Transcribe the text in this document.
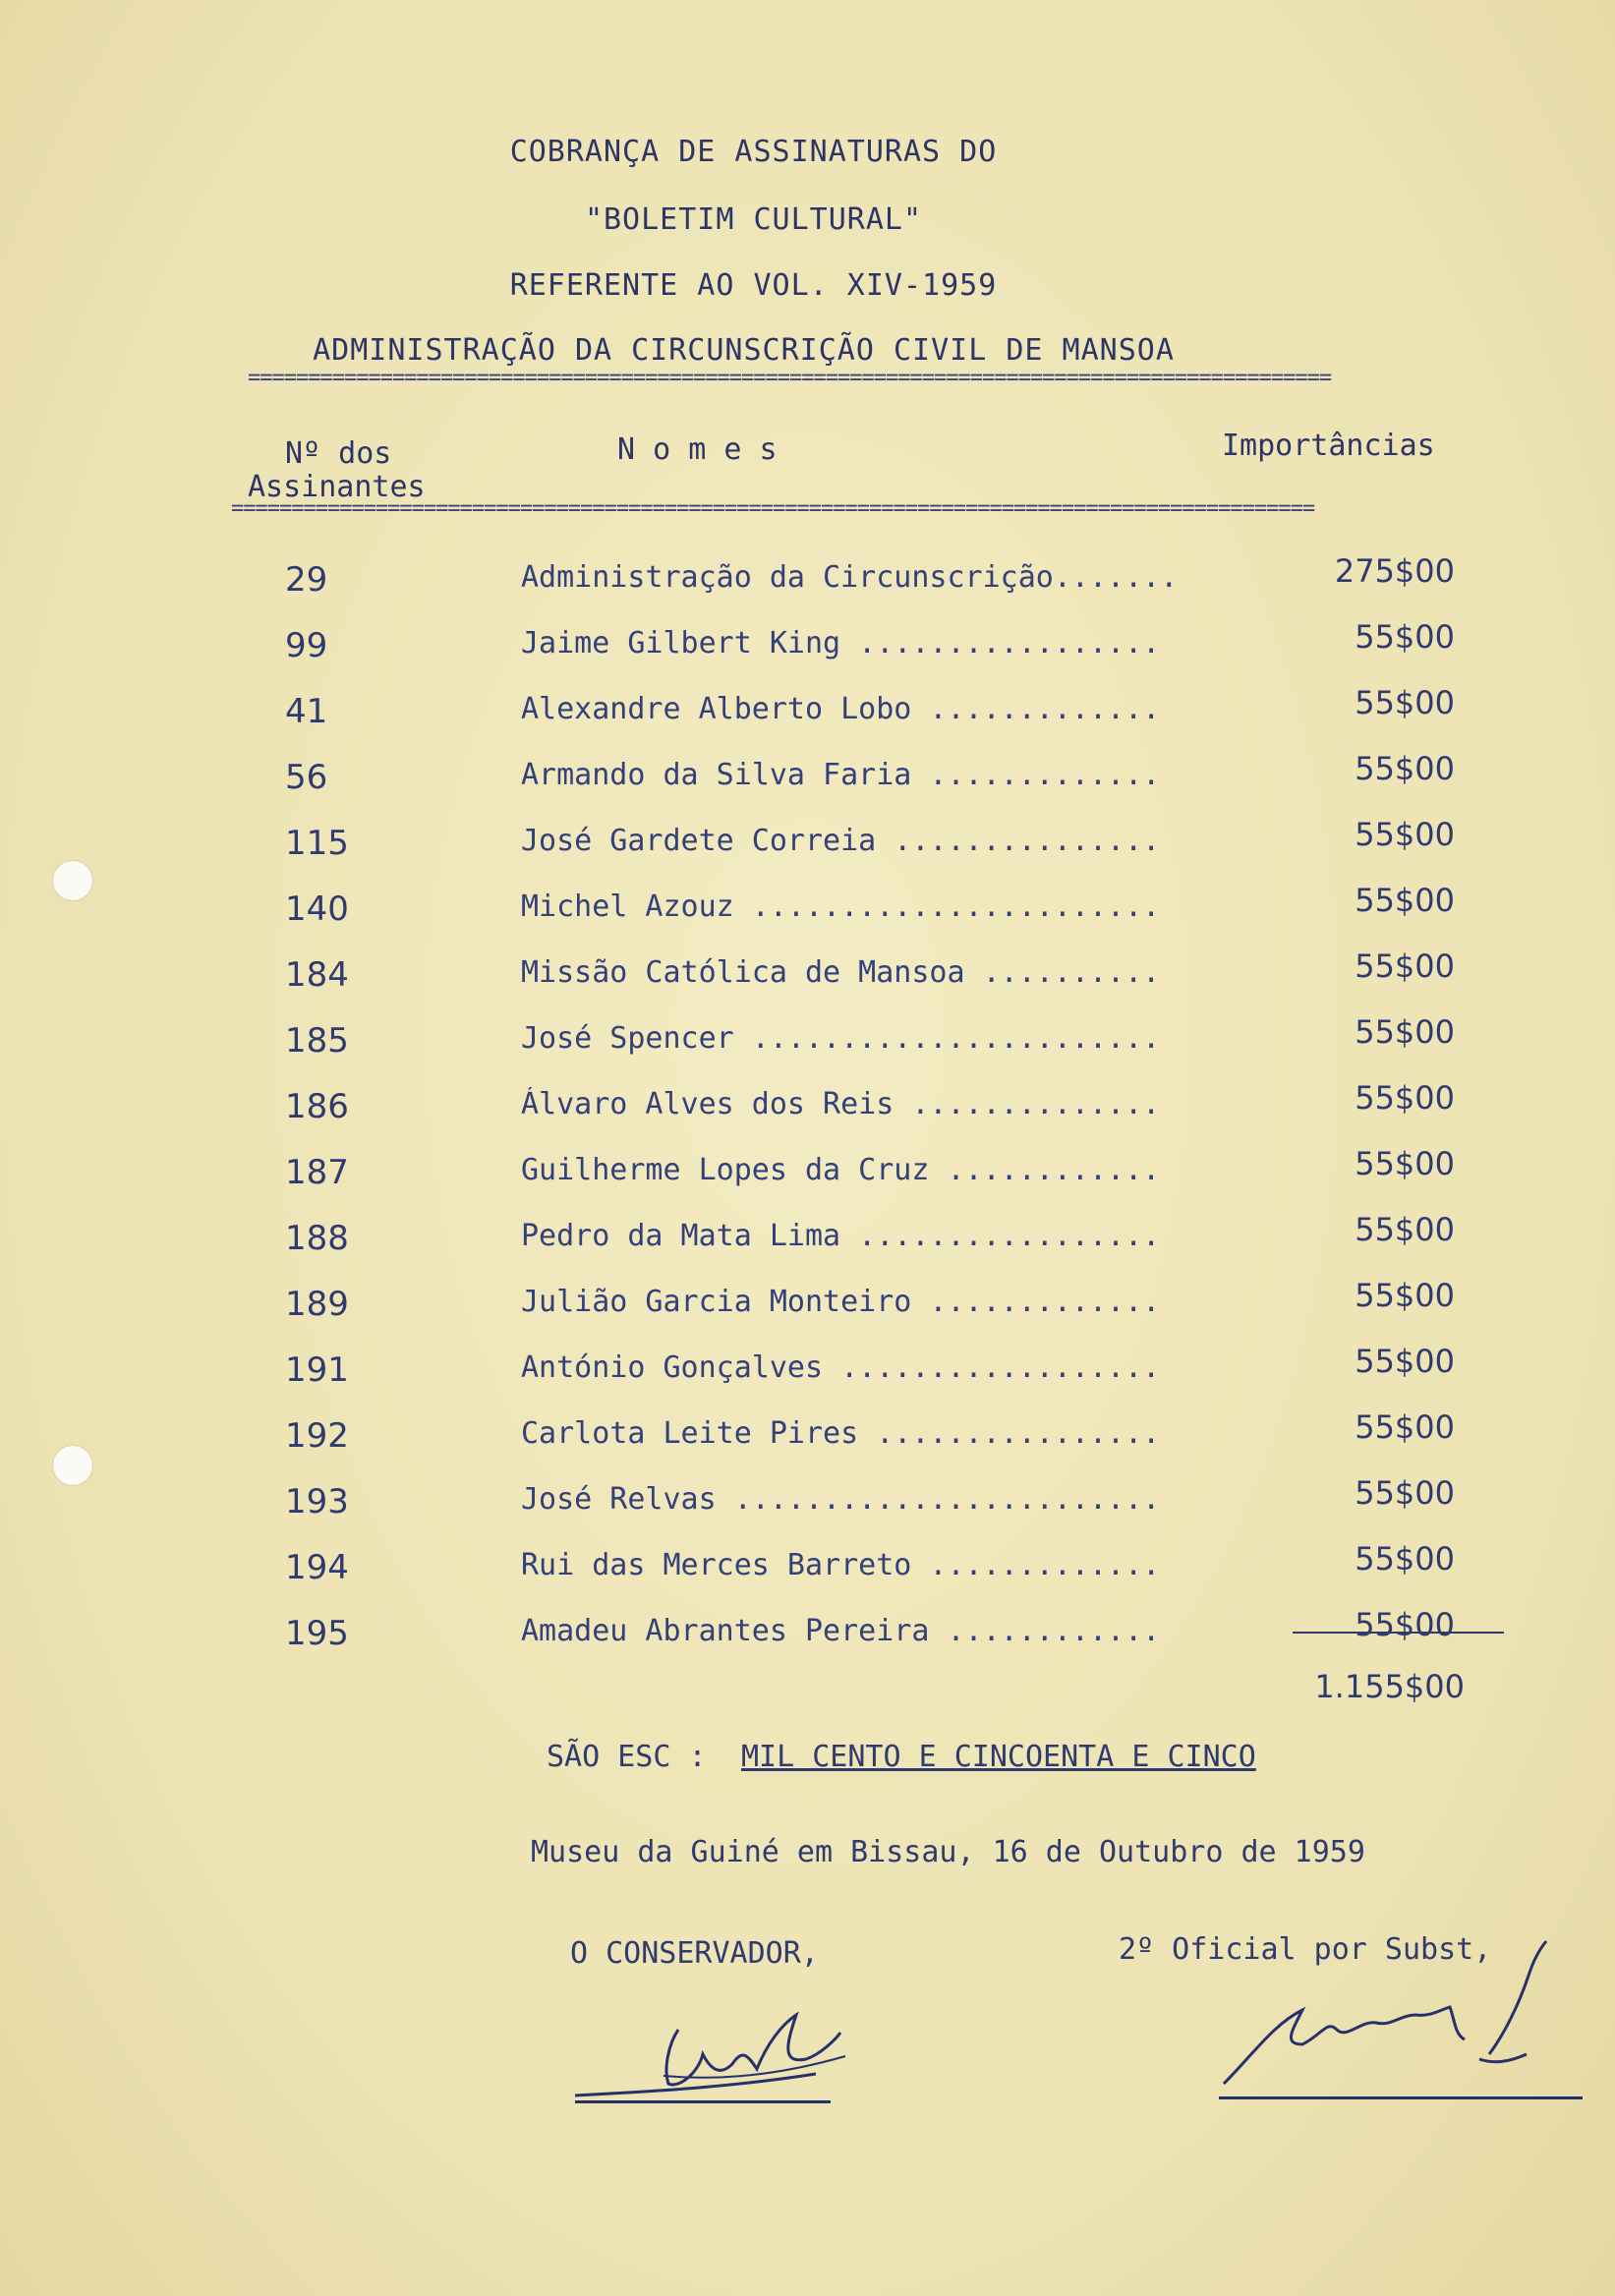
COBRANÇA DE ASSINATURAS DO
"BOLETIM CULTURAL"
REFERENTE AO VOL. XIV-1959
ADMINISTRAÇÃO DA CIRCUNSCRIÇÃO CIVIL DE MANSOA
==========================================================================================
Nº dos
Assinantes
N o m e s	Importâncias
==========================================================================================
29	Administração da Circunscrição.......	275$00
99	Jaime Gilbert King .................	55$00
41	Alexandre Alberto Lobo .............	55$00
56	Armando da Silva Faria .............	55$00
115	José Gardete Correia ...............	55$00
140	Michel Azouz .......................	55$00
184	Missão Católica de Mansoa ..........	55$00
185	José Spencer .......................	55$00
186	Álvaro Alves dos Reis ..............	55$00
187	Guilherme Lopes da Cruz ............	55$00
188	Pedro da Mata Lima .................	55$00
189	Julião Garcia Monteiro .............	55$00
191	António Gonçalves ..................	55$00
192	Carlota Leite Pires ................	55$00
193	José Relvas ........................	55$00
194	Rui das Merces Barreto .............	55$00
195	Amadeu Abrantes Pereira ............	55$00
1.155$00
SÃO ESC : MIL CENTO E CINCOENTA E CINCO
Museu da Guiné em Bissau, 16 de Outubro de 1959
O CONSERVADOR,	2º Oficial por Subst,
